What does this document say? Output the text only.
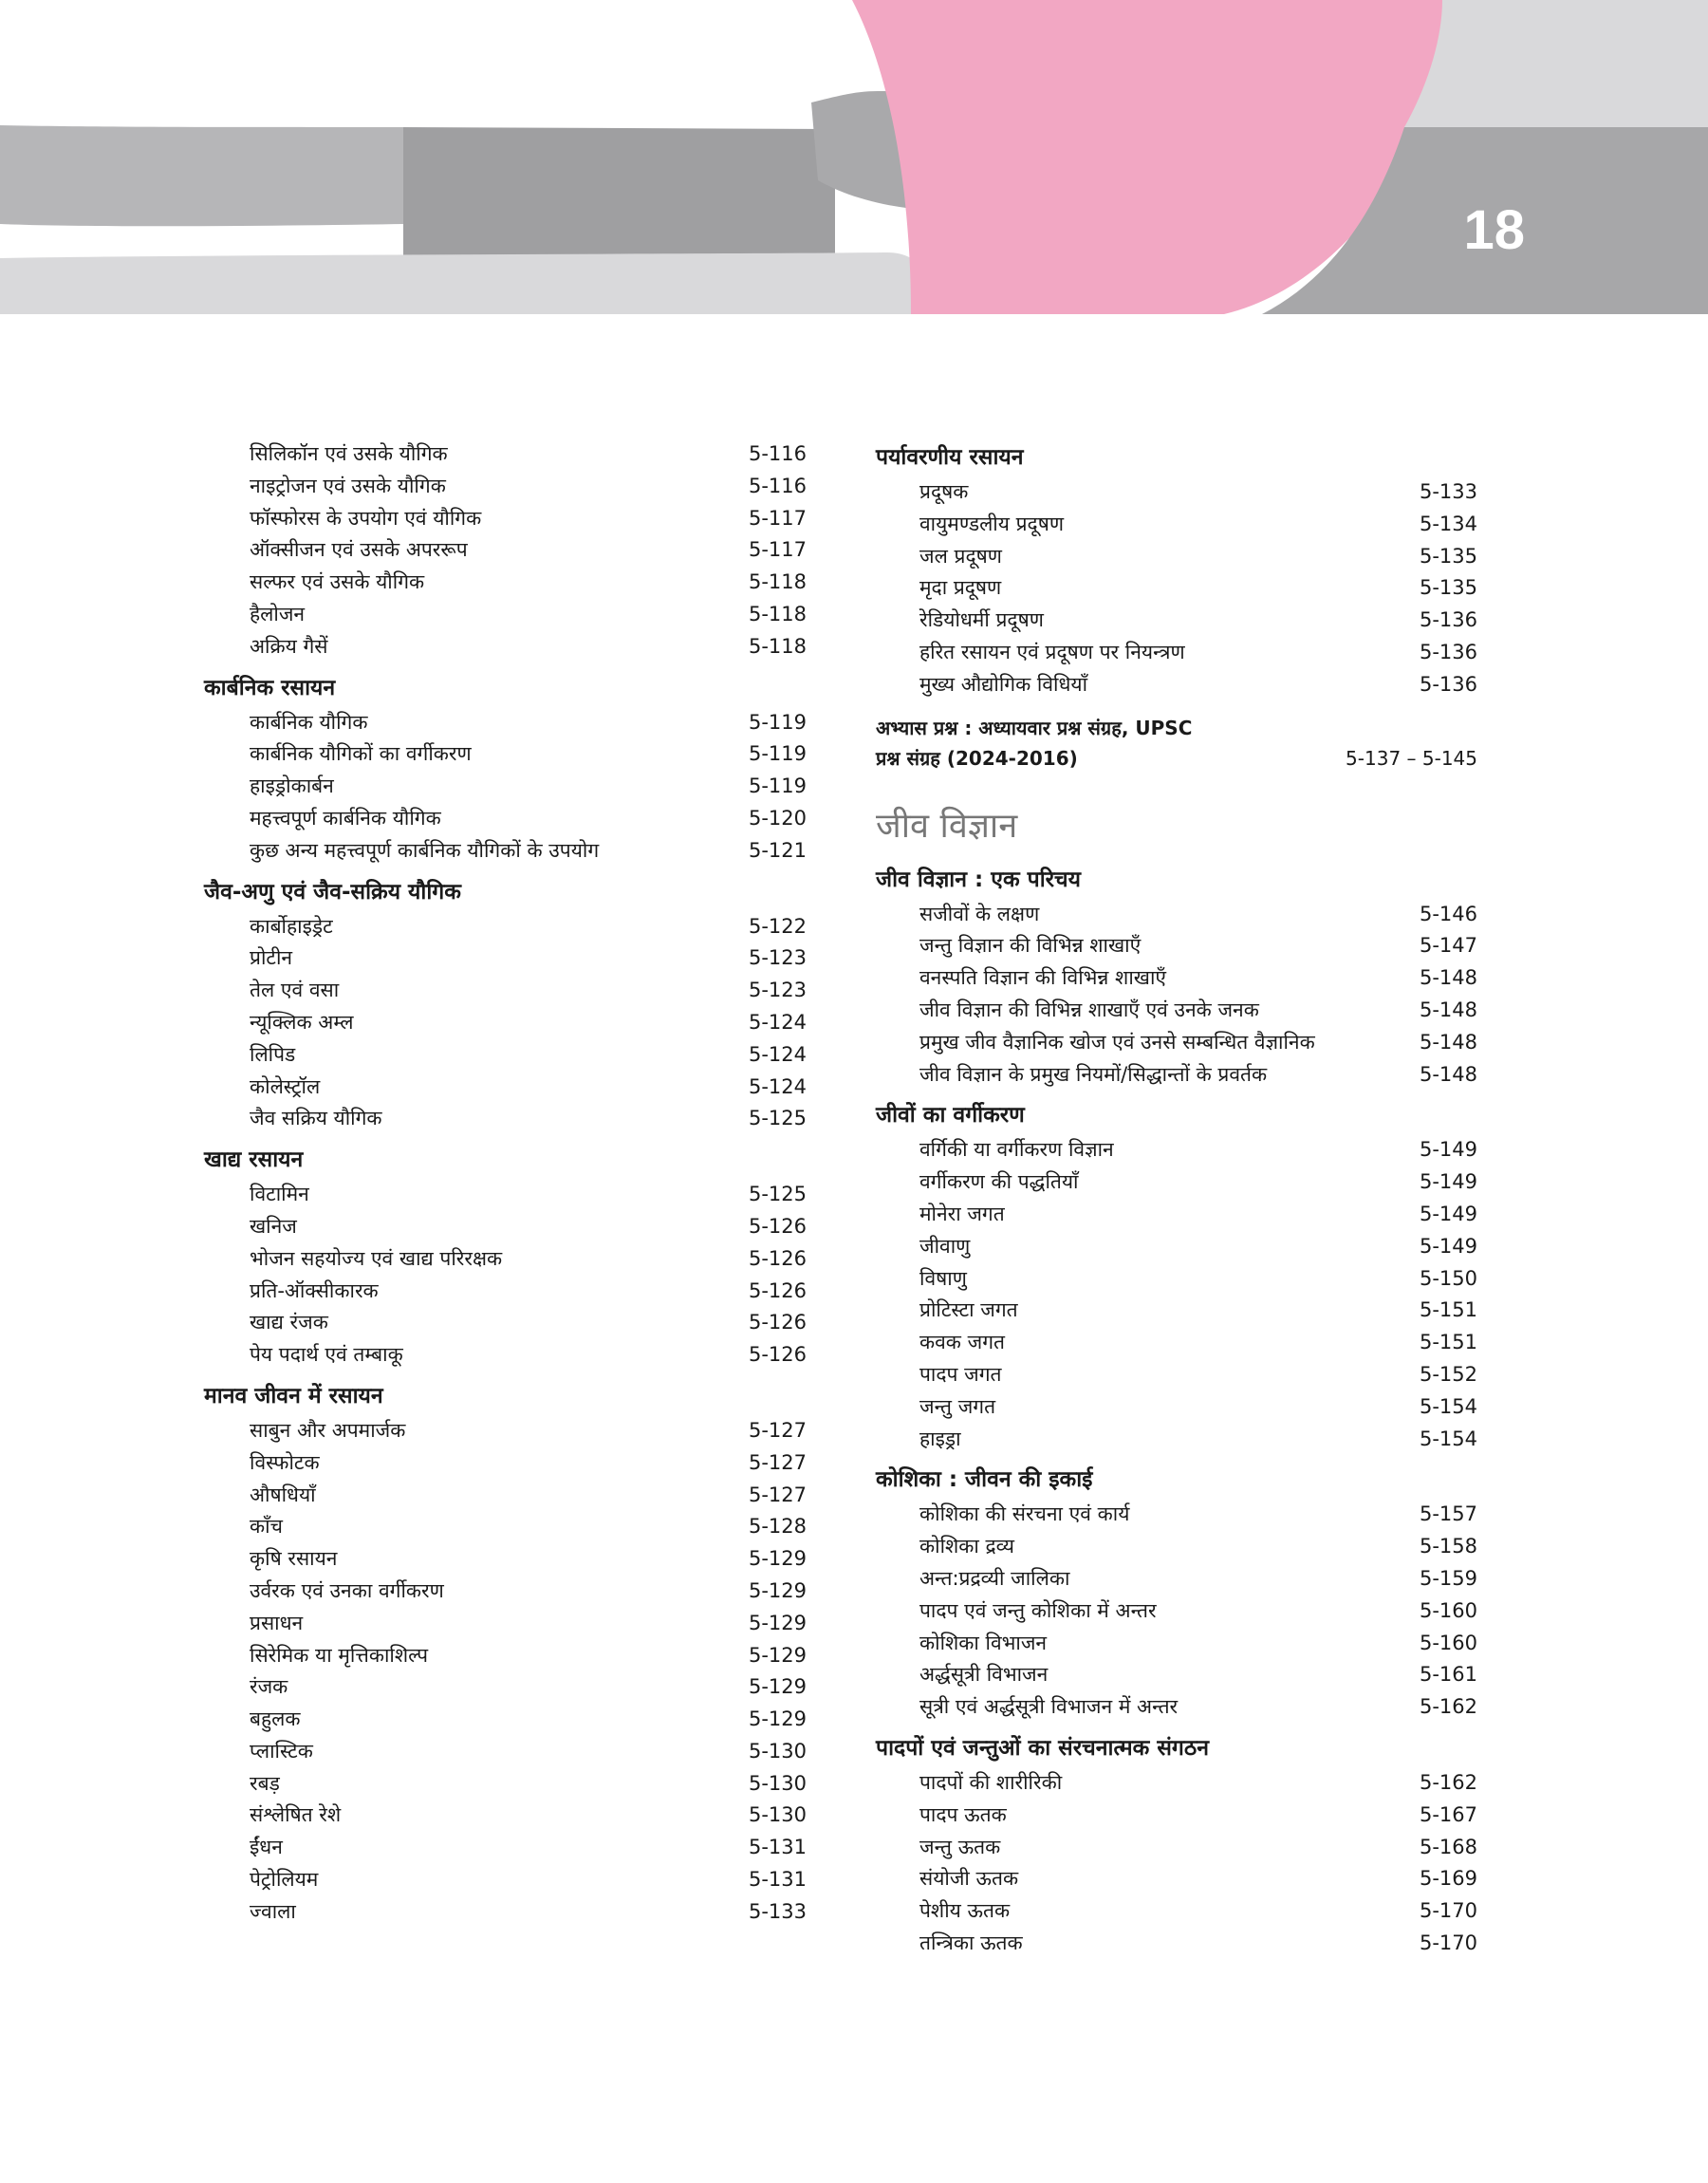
18
सिलिकॉन एवं उसके यौगिक	5-116
नाइट्रोजन एवं उसके यौगिक	5-116
फॉस्फोरस के उपयोग एवं यौगिक	5-117
ऑक्सीजन एवं उसके अपररूप	5-117
सल्फर एवं उसके यौगिक	5-118
हैलोजन	5-118
अक्रिय गैसें	5-118
कार्बनिक रसायन
कार्बनिक यौगिक	5-119
कार्बनिक यौगिकों का वर्गीकरण	5-119
हाइड्रोकार्बन	5-119
महत्त्वपूर्ण कार्बनिक यौगिक	5-120
कुछ अन्य महत्त्वपूर्ण कार्बनिक यौगिकों के उपयोग	5-121
जैव-अणु एवं जैव-सक्रिय यौगिक
कार्बोहाइड्रेट	5-122
प्रोटीन	5-123
तेल एवं वसा	5-123
न्यूक्लिक अम्ल	5-124
लिपिड	5-124
कोलेस्ट्रॉल	5-124
जैव सक्रिय यौगिक	5-125
खाद्य रसायन
विटामिन	5-125
खनिज	5-126
भोजन सहयोज्य एवं खाद्य परिरक्षक	5-126
प्रति-ऑक्सीकारक	5-126
खाद्य रंजक	5-126
पेय पदार्थ एवं तम्बाकू	5-126
मानव जीवन में रसायन
साबुन और अपमार्जक	5-127
विस्फोटक	5-127
औषधियाँ	5-127
काँच	5-128
कृषि रसायन	5-129
उर्वरक एवं उनका वर्गीकरण	5-129
प्रसाधन	5-129
सिरेमिक या मृत्तिकाशिल्प	5-129
रंजक	5-129
बहुलक	5-129
प्लास्टिक	5-130
रबड़	5-130
संश्लेषित रेशे	5-130
ईंधन	5-131
पेट्रोलियम	5-131
ज्वाला	5-133
पर्यावरणीय रसायन
प्रदूषक	5-133
वायुमण्डलीय प्रदूषण	5-134
जल प्रदूषण	5-135
मृदा प्रदूषण	5-135
रेडियोधर्मी प्रदूषण	5-136
हरित रसायन एवं प्रदूषण पर नियन्त्रण	5-136
मुख्य औद्योगिक विधियाँ	5-136
अभ्यास प्रश्न : अध्यायवार प्रश्न संग्रह, UPSC
प्रश्न संग्रह (2024-2016)	5-137 – 5-145
जीव विज्ञान
जीव विज्ञान : एक परिचय
सजीवों के लक्षण	5-146
जन्तु विज्ञान की विभिन्न शाखाएँ	5-147
वनस्पति विज्ञान की विभिन्न शाखाएँ	5-148
जीव विज्ञान की विभिन्न शाखाएँ एवं उनके जनक	5-148
प्रमुख जीव वैज्ञानिक खोज एवं उनसे सम्बन्धित वैज्ञानिक	5-148
जीव विज्ञान के प्रमुख नियमों/सिद्धान्तों के प्रवर्तक	5-148
जीवों का वर्गीकरण
वर्गिकी या वर्गीकरण विज्ञान	5-149
वर्गीकरण की पद्धतियाँ	5-149
मोनेरा जगत	5-149
जीवाणु	5-149
विषाणु	5-150
प्रोटिस्टा जगत	5-151
कवक जगत	5-151
पादप जगत	5-152
जन्तु जगत	5-154
हाइड्रा	5-154
कोशिका : जीवन की इकाई
कोशिका की संरचना एवं कार्य	5-157
कोशिका द्रव्य	5-158
अन्त:प्रद्रव्यी जालिका	5-159
पादप एवं जन्तु कोशिका में अन्तर	5-160
कोशिका विभाजन	5-160
अर्द्धसूत्री विभाजन	5-161
सूत्री एवं अर्द्धसूत्री विभाजन में अन्तर	5-162
पादपों एवं जन्तुओं का संरचनात्मक संगठन
पादपों की शारीरिकी	5-162
पादप ऊतक	5-167
जन्तु ऊतक	5-168
संयोजी ऊतक	5-169
पेशीय ऊतक	5-170
तन्त्रिका ऊतक	5-170
